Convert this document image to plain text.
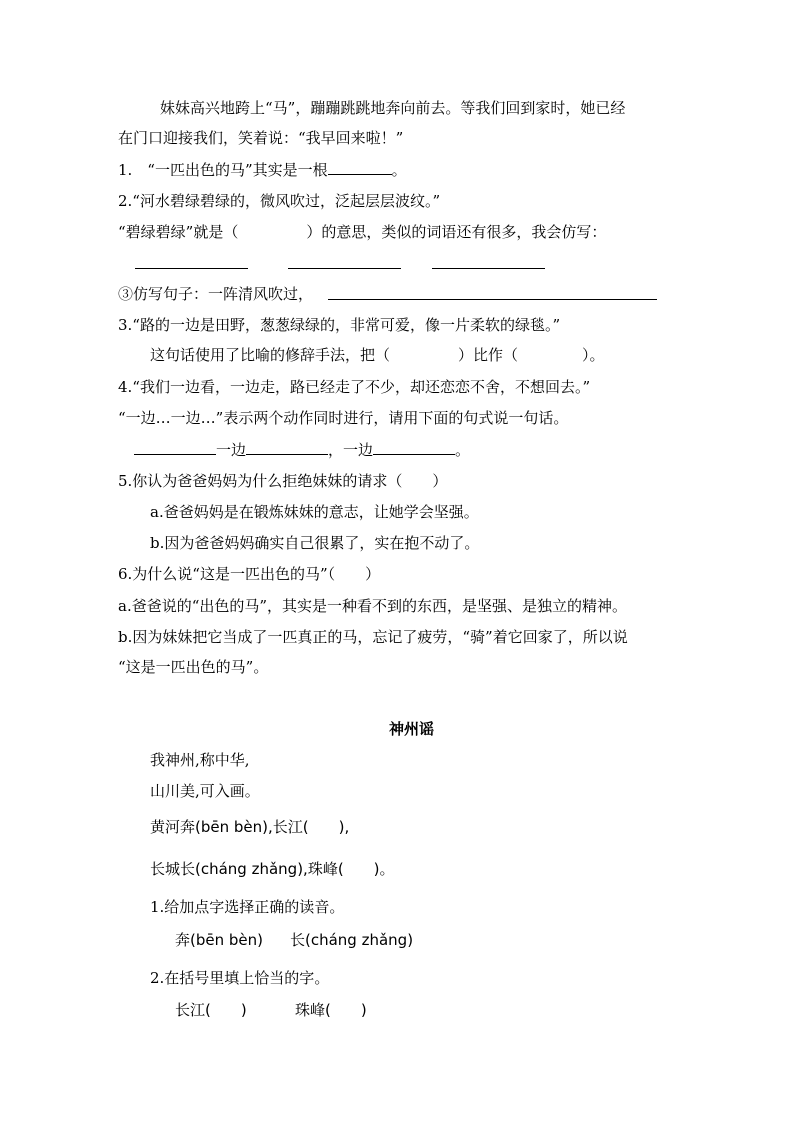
妹妹高兴地跨上“马”，蹦蹦跳跳地奔向前去。等我们回到家时，她已经
在门口迎接我们，笑着说：“我早回来啦！”
1.　“一匹出色的马”其实是一根	。
2.“河水碧绿碧绿的，微风吹过，泛起层层波纹。”
“碧绿碧绿”就是（	）的意思，类似的词语还有很多，我会仿写：
③仿写句子：一阵清风吹过，
3.“路的一边是田野，葱葱绿绿的，非常可爱，像一片柔软的绿毯。”
这句话使用了比喻的修辞手法，把（	）比作（	）。
4.“我们一边看，一边走，路已经走了不少，却还恋恋不舍，不想回去。”
“一边…一边…”表示两个动作同时进行，请用下面的句式说一句话。
一边	，一边	。
5.你认为爸爸妈妈为什么拒绝妹妹的请求（　　）
a.爸爸妈妈是在锻炼妹妹的意志，让她学会坚强。
b.因为爸爸妈妈确实自己很累了，实在抱不动了。
6.为什么说“这是一匹出色的马”（　　）
a.爸爸说的“出色的马”，其实是一种看不到的东西，是坚强、是独立的精神。
b.因为妹妹把它当成了一匹真正的马，忘记了疲劳，“骑”着它回家了，所以说
“这是一匹出色的马”。
神州谣
我神州,称中华,
山川美,可入画。
黄河奔(bēn bèn),长江(　　),
长城长(cháng zhǎng),珠峰(　　)。
1.给加点字选择正确的读音。
奔(bēn bèn) 长(cháng zhǎng)
2.在括号里填上恰当的字。
长江(　　)	珠峰(　　)
